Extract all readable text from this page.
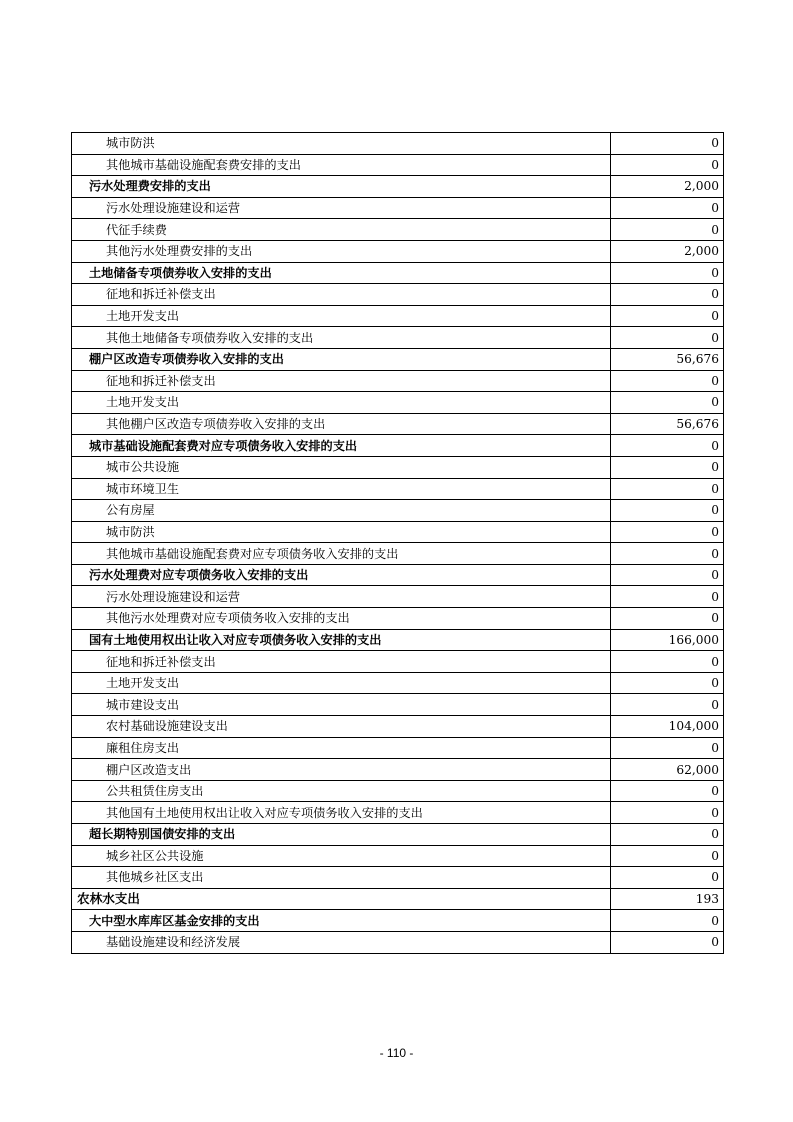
城市防洪	0
其他城市基础设施配套费安排的支出	0
污水处理费安排的支出	2,000
污水处理设施建设和运营	0
代征手续费	0
其他污水处理费安排的支出	2,000
土地储备专项债券收入安排的支出	0
征地和拆迁补偿支出	0
土地开发支出	0
其他土地储备专项债券收入安排的支出	0
棚户区改造专项债券收入安排的支出	56,676
征地和拆迁补偿支出	0
土地开发支出	0
其他棚户区改造专项债券收入安排的支出	56,676
城市基础设施配套费对应专项债务收入安排的支出	0
城市公共设施	0
城市环境卫生	0
公有房屋	0
城市防洪	0
其他城市基础设施配套费对应专项债务收入安排的支出	0
污水处理费对应专项债务收入安排的支出	0
污水处理设施建设和运营	0
其他污水处理费对应专项债务收入安排的支出	0
国有土地使用权出让收入对应专项债务收入安排的支出	166,000
征地和拆迁补偿支出	0
土地开发支出	0
城市建设支出	0
农村基础设施建设支出	104,000
廉租住房支出	0
棚户区改造支出	62,000
公共租赁住房支出	0
其他国有土地使用权出让收入对应专项债务收入安排的支出	0
超长期特别国债安排的支出	0
城乡社区公共设施	0
其他城乡社区支出	0
农林水支出	193
大中型水库库区基金安排的支出	0
基础设施建设和经济发展	0
- 110 -
